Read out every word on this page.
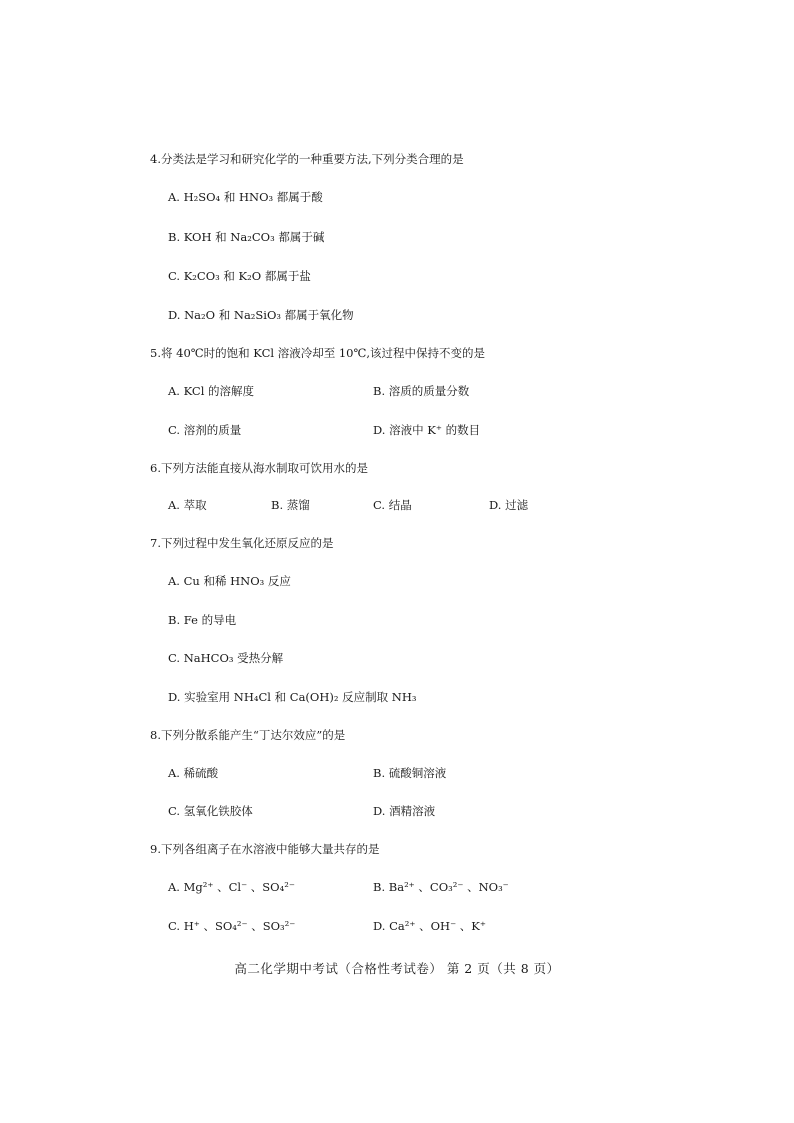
4.分类法是学习和研究化学的一种重要方法,下列分类合理的是
A. H₂SO₄ 和 HNO₃ 都属于酸
B. KOH 和 Na₂CO₃ 都属于碱
C. K₂CO₃ 和 K₂O 都属于盐
D. Na₂O 和 Na₂SiO₃ 都属于氧化物
5.将 40℃时的饱和 KCl 溶液冷却至 10℃,该过程中保持不变的是
A. KCl 的溶解度	B. 溶质的质量分数
C. 溶剂的质量	D. 溶液中 K⁺ 的数目
6.下列方法能直接从海水制取可饮用水的是
A. 萃取	B. 蒸馏	C. 结晶	D. 过滤
7.下列过程中发生氧化还原反应的是
A. Cu 和稀 HNO₃ 反应
B. Fe 的导电
C. NaHCO₃ 受热分解
D. 实验室用 NH₄Cl 和 Ca(OH)₂ 反应制取 NH₃
8.下列分散系能产生“丁达尔效应”的是
A. 稀硫酸	B. 硫酸铜溶液
C. 氢氧化铁胶体	D. 酒精溶液
9.下列各组离子在水溶液中能够大量共存的是
A. Mg²⁺ 、Cl⁻ 、SO₄²⁻	B. Ba²⁺ 、CO₃²⁻ 、NO₃⁻
C. H⁺ 、SO₄²⁻ 、SO₃²⁻	D. Ca²⁺ 、OH⁻ 、K⁺
高二化学期中考试（合格性考试卷） 第 2 页（共 8 页）
